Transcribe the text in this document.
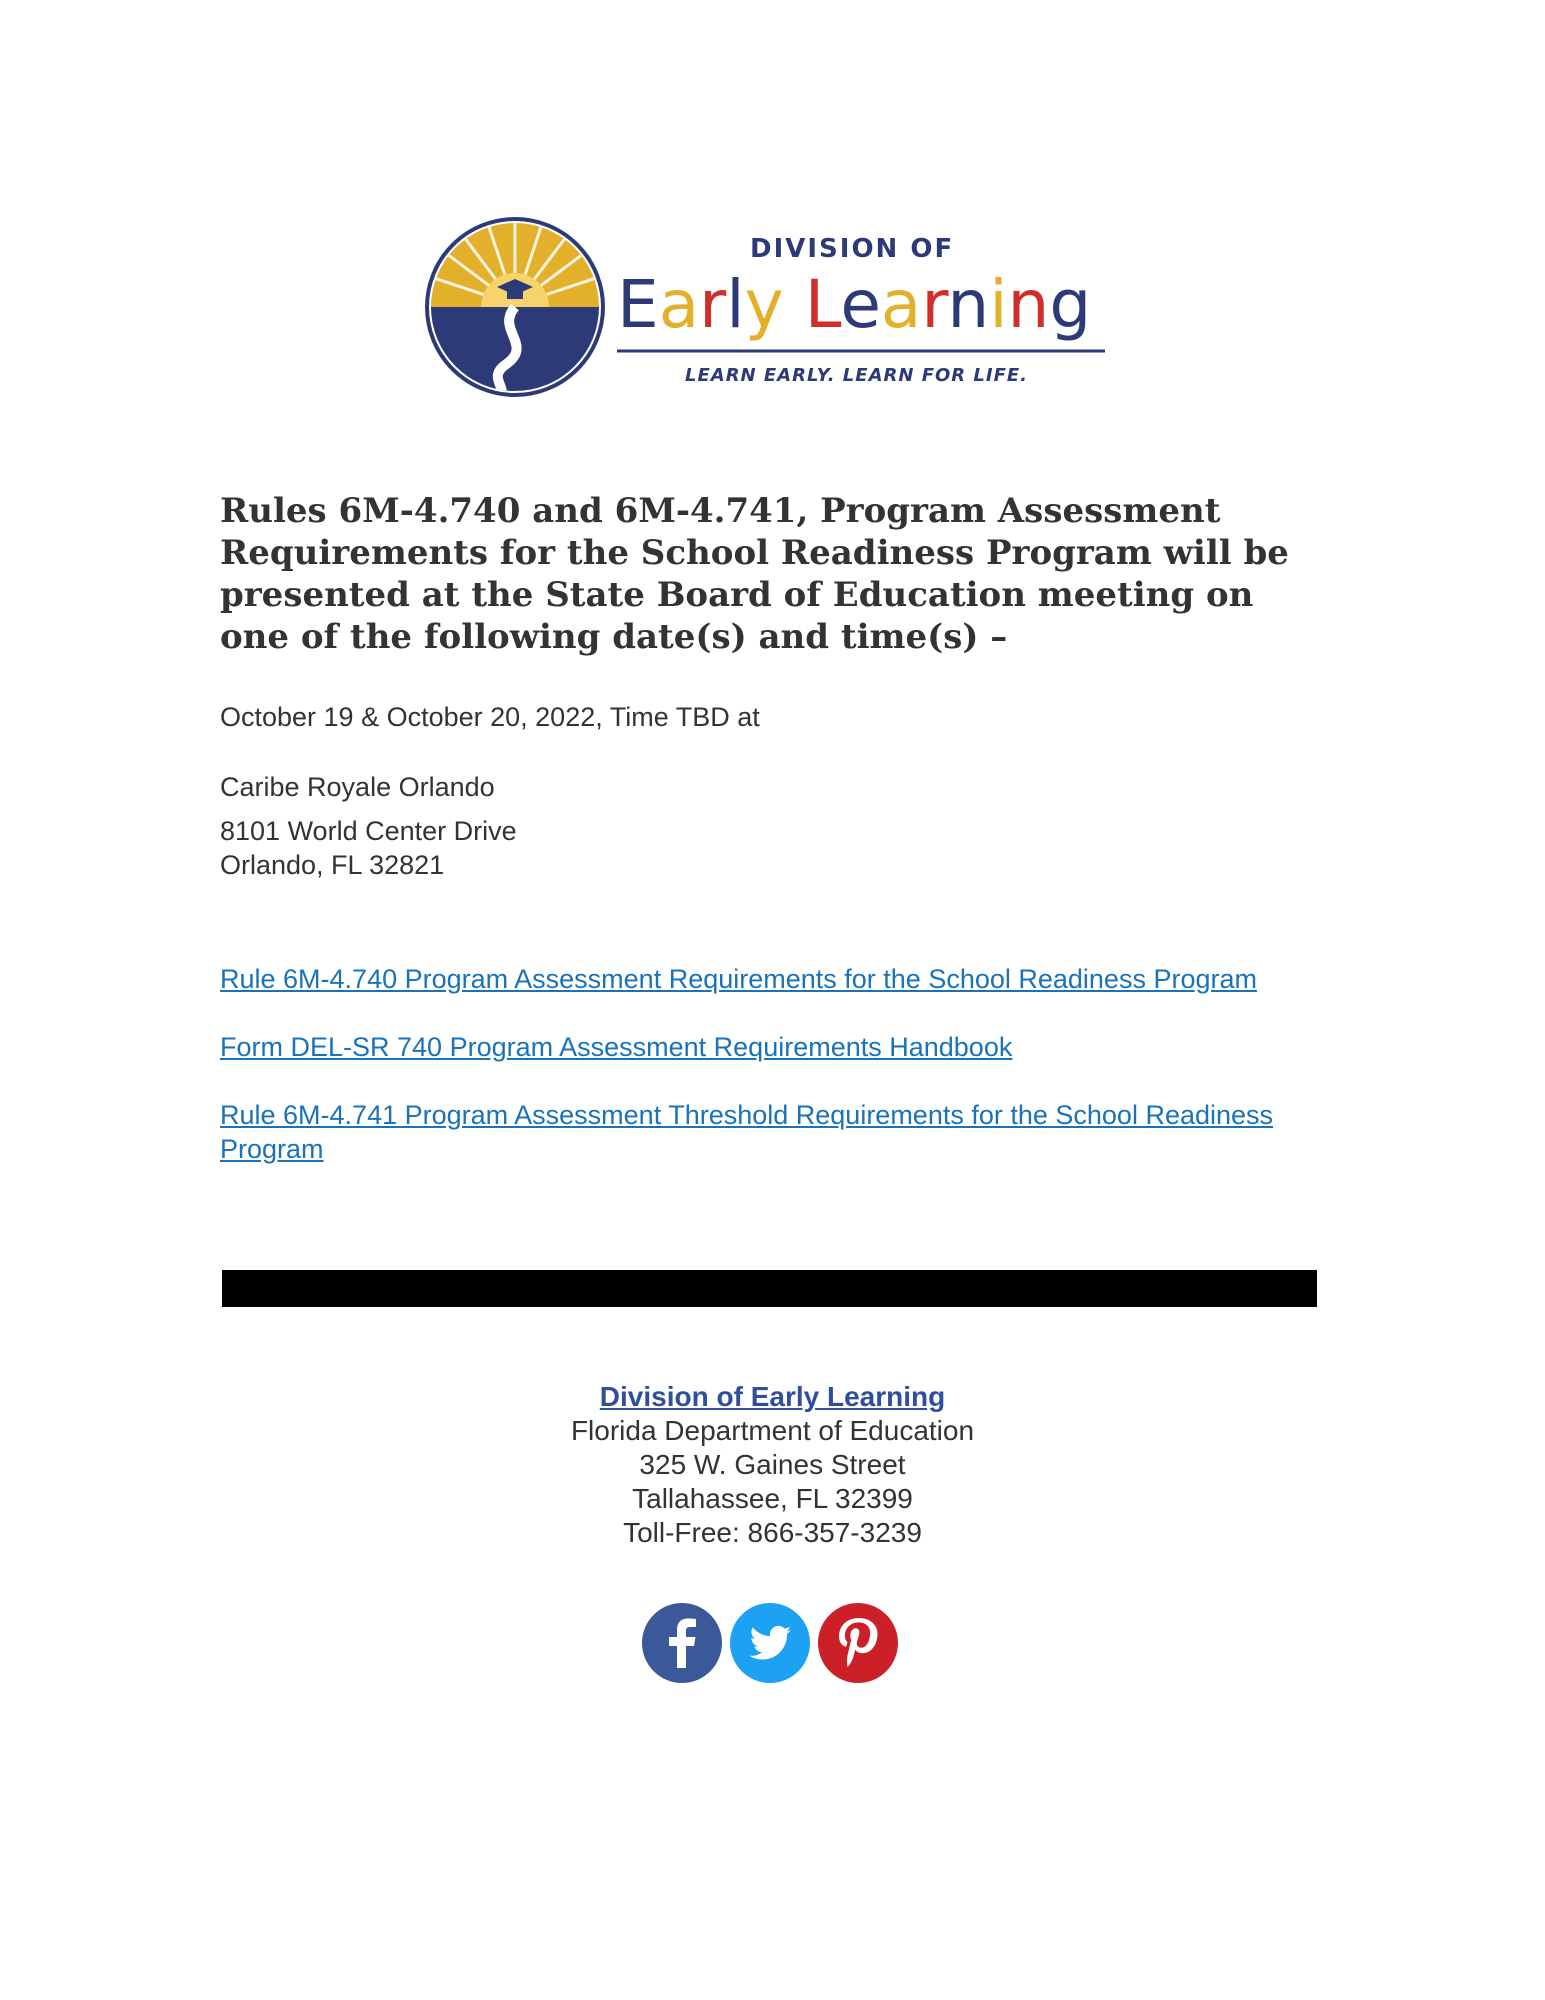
DIVISION OF
Early Learning
LEARN EARLY. LEARN FOR LIFE.
Rules 6M-4.740 and 6M-4.741, Program Assessment Requirements for the School Readiness Program will be presented at the State Board of Education meeting on one of the following date(s) and time(s) –

October 19 & October 20, 2022, Time TBD at

Caribe Royale Orlando

8101 World Center Drive

Orlando, FL 32821

Rule 6M-4.740 Program Assessment Requirements for the School Readiness Program
Form DEL-SR 740 Program Assessment Requirements Handbook
Rule 6M-4.741 Program Assessment Threshold Requirements for the School Readiness Program

Division of Early Learning

Florida Department of Education

325 W. Gaines Street

Tallahassee, FL 32399

Toll-Free: 866-357-3239
